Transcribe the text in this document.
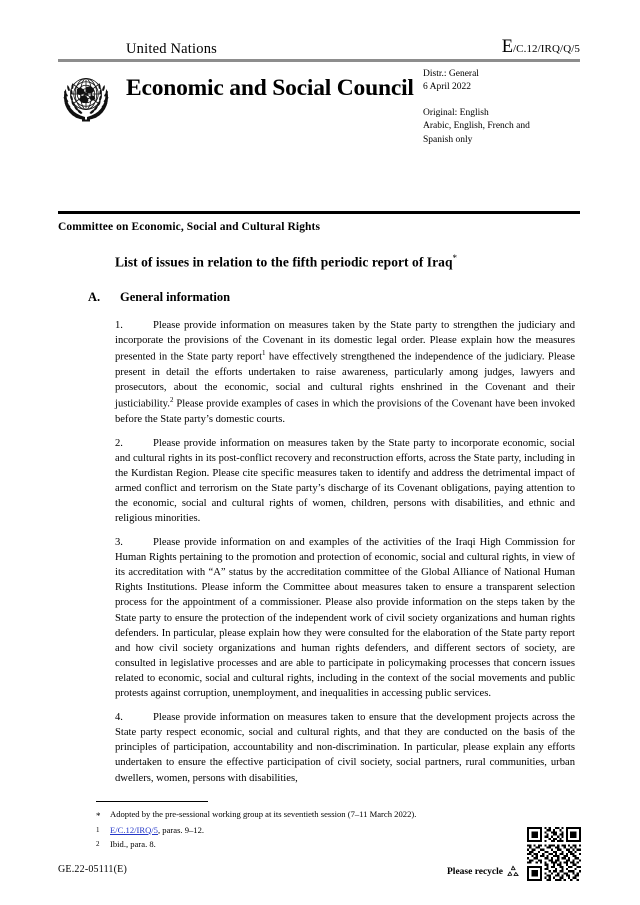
United Nations	E/C.12/IRQ/Q/5
Economic and Social Council
Distr.: General
6 April 2022
Original: English
Arabic, English, French and
Spanish only
Committee on Economic, Social and Cultural Rights
List of issues in relation to the fifth periodic report of Iraq*
A. General information

1.	Please provide information on measures taken by the State party to strengthen the judiciary and incorporate the provisions of the Covenant in its domestic legal order. Please explain how the measures presented in the State party report$^1$ have effectively strengthened the independence of the judiciary. Please present in detail the efforts undertaken to raise awareness, particularly among judges, lawyers and prosecutors, about the economic, social and cultural rights enshrined in the Covenant and their justiciability.$^2$ Please provide examples of cases in which the provisions of the Covenant have been invoked before the State party’s domestic courts.

2.	Please provide information on measures taken by the State party to incorporate economic, social and cultural rights in its post-conflict recovery and reconstruction efforts, across the State party, including in the Kurdistan Region. Please cite specific measures taken to identify and address the detrimental impact of armed conflict and terrorism on the State party’s discharge of its Covenant obligations, paying attention to the economic, social and cultural rights of women, children, persons with disabilities, and ethnic and religious minorities.

3.	Please provide information on and examples of the activities of the Iraqi High Commission for Human Rights pertaining to the promotion and protection of economic, social and cultural rights, in view of its accreditation with “A” status by the accreditation committee of the Global Alliance of National Human Rights Institutions. Please inform the Committee about measures taken to ensure a transparent selection process for the appointment of a commissioner. Please also provide information on the steps taken by the State party to ensure the protection of the independent work of civil society organizations and human rights defenders. In particular, please explain how they were consulted for the elaboration of the State party report and how civil society organizations and human rights defenders, and different sectors of society, are consulted in legislative processes and are able to participate in policymaking processes that concern issues related to economic, social and cultural rights, including in the context of the social movements and public protests against corruption, unemployment, and inequalities in accessing public services.

4.	Please provide information on measures taken to ensure that the development projects across the State party respect economic, social and cultural rights, and that they are conducted on the basis of the principles of participation, accountability and non-discrimination. In particular, please explain any efforts undertaken to ensure the effective participation of civil society, social partners, rural communities, urban dwellers, women, persons with disabilities,

*	Adopted by the pre-sessional working group at its seventieth session (7–11 March 2022).
1	E/C.12/IRQ/5, paras. 9–12.
2	Ibid., para. 8.
GE.22-05111(E)	Please recycle
